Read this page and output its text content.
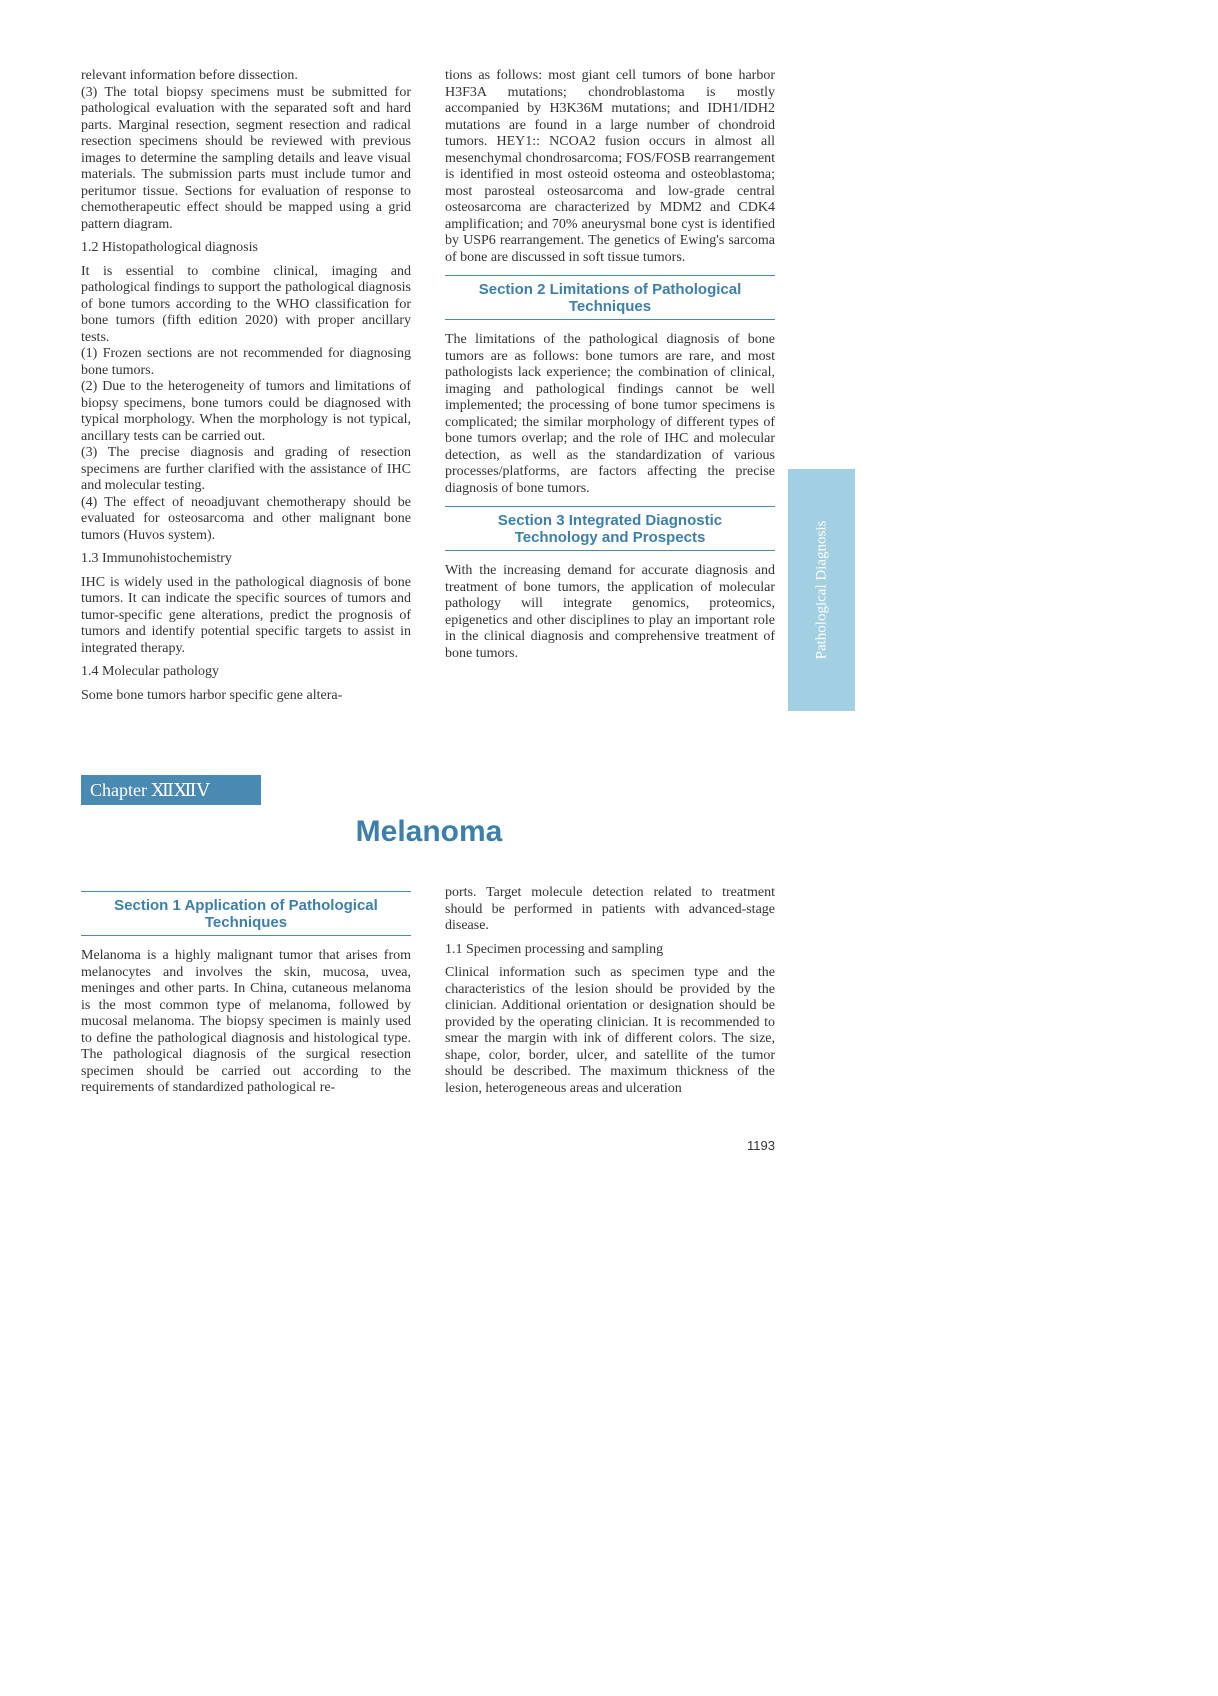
relevant information before dissection.

(3) The total biopsy specimens must be submitted for pathological evaluation with the separated soft and hard parts. Marginal resection, segment resection and radical resection specimens should be reviewed with previous images to determine the sampling details and leave visual materials. The submission parts must include tumor and peritumor tissue. Sections for evaluation of response to chemotherapeutic effect should be mapped using a grid pattern diagram.

1.2 Histopathological diagnosis

It is essential to combine clinical, imaging and pathological findings to support the pathological diagnosis of bone tumors according to the WHO classification for bone tumors (fifth edition 2020) with proper ancillary tests.

(1) Frozen sections are not recommended for diagnosing bone tumors.

(2) Due to the heterogeneity of tumors and limitations of biopsy specimens, bone tumors could be diagnosed with typical morphology. When the morphology is not typical, ancillary tests can be carried out.

(3) The precise diagnosis and grading of resection specimens are further clarified with the assistance of IHC and molecular testing.

(4) The effect of neoadjuvant chemotherapy should be evaluated for osteosarcoma and other malignant bone tumors (Huvos system).

1.3 Immunohistochemistry

IHC is widely used in the pathological diagnosis of bone tumors. It can indicate the specific sources of tumors and tumor-specific gene alterations, predict the prognosis of tumors and identify potential specific targets to assist in integrated therapy.

1.4 Molecular pathology

Some bone tumors harbor specific gene altera-

tions as follows: most giant cell tumors of bone harbor H3F3A mutations; chondroblastoma is mostly accompanied by H3K36M mutations; and IDH1/IDH2 mutations are found in a large number of chondroid tumors. HEY1:: NCOA2 fusion occurs in almost all mesenchymal chondrosarcoma; FOS/FOSB rearrangement is identified in most osteoid osteoma and osteoblastoma; most parosteal osteosarcoma and low-grade central osteosarcoma are characterized by MDM2 and CDK4 amplification; and 70% aneurysmal bone cyst is identified by USP6 rearrangement. The genetics of Ewing's sarcoma of bone are discussed in soft tissue tumors.

Section 2 Limitations of Pathological
Techniques

The limitations of the pathological diagnosis of bone tumors are as follows: bone tumors are rare, and most pathologists lack experience; the combination of clinical, imaging and pathological findings cannot be well implemented; the processing of bone tumor specimens is complicated; the similar morphology of different types of bone tumors overlap; and the role of IHC and molecular detection, as well as the standardization of various processes/platforms, are factors affecting the precise diagnosis of bone tumors.

Section 3 Integrated Diagnostic
Technology and Prospects

With the increasing demand for accurate diagnosis and treatment of bone tumors, the application of molecular pathology will integrate genomics, proteomics, epigenetics and other disciplines to play an important role in the clinical diagnosis and comprehensive treatment of bone tumors.	Pathological Diagnosis
Chapter ⅫⅫⅤ
Melanoma
Section 1 Application of Pathological
Techniques

Melanoma is a highly malignant tumor that arises from melanocytes and involves the skin, mucosa, uvea, meninges and other parts. In China, cutaneous melanoma is the most common type of melanoma, followed by mucosal melanoma. The biopsy specimen is mainly used to define the pathological diagnosis and histological type. The pathological diagnosis of the surgical resection specimen should be carried out according to the requirements of standardized pathological re-

ports. Target molecule detection related to treatment should be performed in patients with advanced-stage disease.

1.1 Specimen processing and sampling

Clinical information such as specimen type and the characteristics of the lesion should be provided by the clinician. Additional orientation or designation should be provided by the operating clinician. It is recommended to smear the margin with ink of different colors. The size, shape, color, border, ulcer, and satellite of the tumor should be described. The maximum thickness of the lesion, heterogeneous areas and ulceration

1193
